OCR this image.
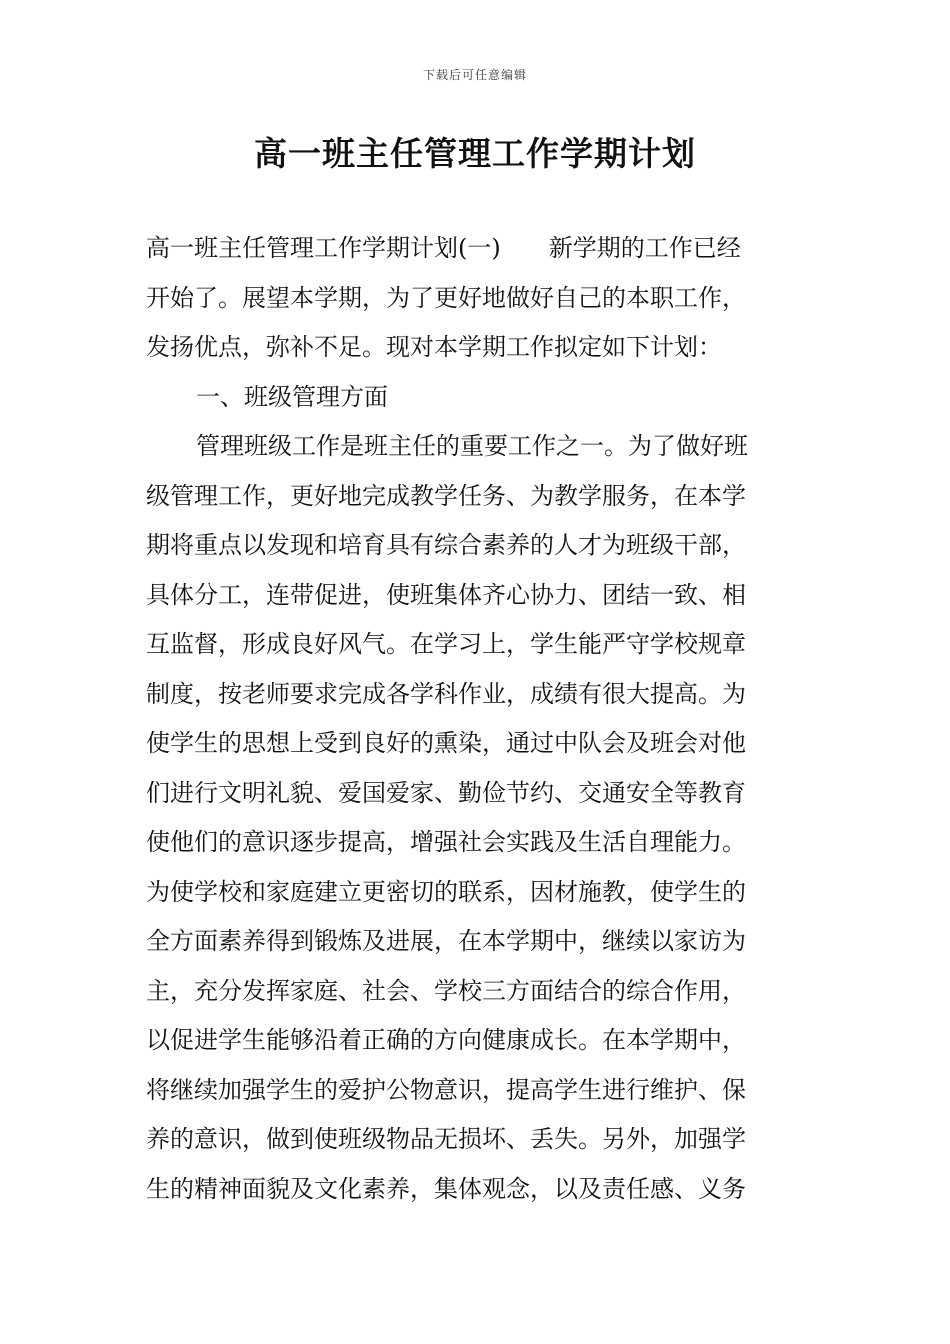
下载后可任意编辑
高一班主任管理工作学期计划
高一班主任管理工作学期计划(一)　　新学期的工作已经
开始了。展望本学期，为了更好地做好自己的本职工作，
发扬优点，弥补不足。现对本学期工作拟定如下计划：
一、班级管理方面
管理班级工作是班主任的重要工作之一。为了做好班
级管理工作，更好地完成教学任务、为教学服务，在本学
期将重点以发现和培育具有综合素养的人才为班级干部，
具体分工，连带促进，使班集体齐心协力、团结一致、相
互监督，形成良好风气。在学习上，学生能严守学校规章
制度，按老师要求完成各学科作业，成绩有很大提高。为
使学生的思想上受到良好的熏染，通过中队会及班会对他
们进行文明礼貌、爱国爱家、勤俭节约、交通安全等教育
使他们的意识逐步提高，增强社会实践及生活自理能力。
为使学校和家庭建立更密切的联系，因材施教，使学生的
全方面素养得到锻炼及进展，在本学期中，继续以家访为
主，充分发挥家庭、社会、学校三方面结合的综合作用，
以促进学生能够沿着正确的方向健康成长。在本学期中，
将继续加强学生的爱护公物意识，提高学生进行维护、保
养的意识，做到使班级物品无损坏、丢失。另外，加强学
生的精神面貌及文化素养，集体观念，以及责任感、义务
